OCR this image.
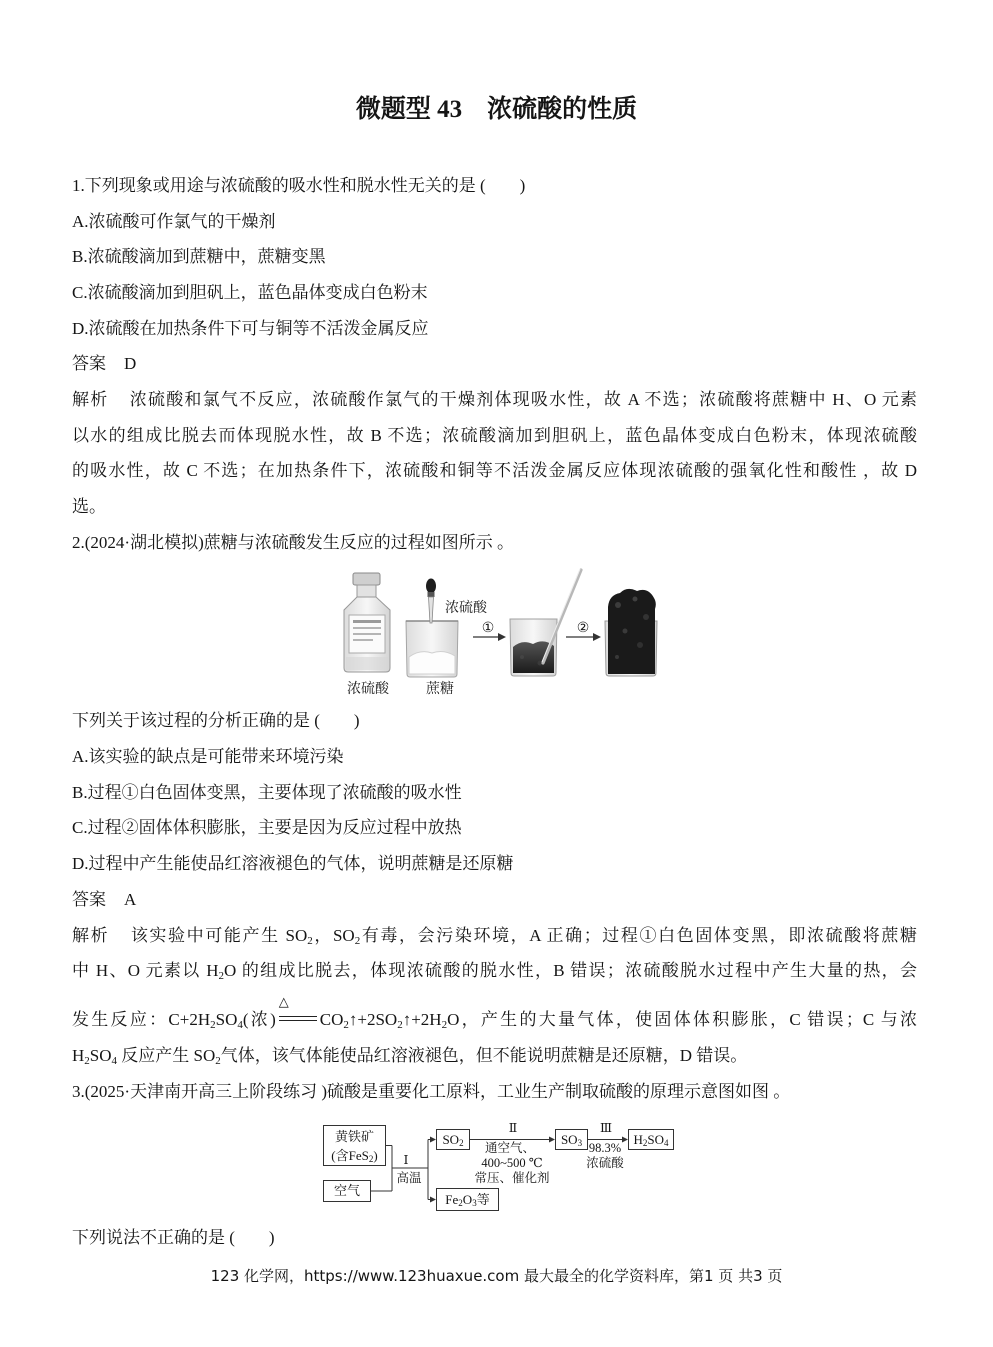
微题型 43　浓硫酸的性质
1.下列现象或用途与浓硫酸的吸水性和脱水性无关的是 (　　)
A.浓硫酸可作氯气的干燥剂
B.浓硫酸滴加到蔗糖中，蔗糖变黑
C.浓硫酸滴加到胆矾上，蓝色晶体变成白色粉末
D.浓硫酸在加热条件下可与铜等不活泼金属反应
答案 D
解析 浓硫酸和氯气不反应，浓硫酸作氯气的干燥剂体现吸水性，故 A 不选；浓硫酸将蔗糖中 H、O 元素
以水的组成比脱去而体现脱水性，故 B 不选；浓硫酸滴加到胆矾上，蓝色晶体变成白色粉末，体现浓硫酸
的吸水性，故 C 不选；在加热条件下，浓硫酸和铜等不活泼金属反应体现浓硫酸的强氧化性和酸性 ，故 D
选。
2.(2024·湖北模拟)蔗糖与浓硫酸发生反应的过程如图所示 。
浓硫酸	蔗糖
浓硫酸
①	②
下列关于该过程的分析正确的是 (　　)
A.该实验的缺点是可能带来环境污染
B.过程①白色固体变黑，主要体现了浓硫酸的吸水性
C.过程②固体体积膨胀，主要是因为反应过程中放热
D.过程中产生能使品红溶液褪色的气体，说明蔗糖是还原糖
答案 A
解析 该实验中可能产生 $SO_2$，$SO_2$有毒，会污染环境，A 正确；过程①白色固体变黑，即浓硫酸将蔗糖
中 H、O 元素以 $H_2O$ 的组成比脱去，体现浓硫酸的脱水性，B 错误；浓硫酸脱水过程中产生大量的热，会
发生反应：$C+2H_2SO_4$(浓)
△
$CO_2↑+2SO_2↑+2H_2O$，产生的大量气体，使固体体积膨胀，C 错误；C 与浓
$H_2SO_4$ 反应产生 $SO_2$气体，该气体能使品红溶液褪色，但不能说明蔗糖是还原糖，D 错误。
3.(2025·天津南开高三上阶段练习 )硫酸是重要化工原料，工业生产制取硫酸的原理示意图如图 。
黄铁矿
(含FeS$_2$)
空气
Ⅰ
高温
$SO_2$
$Fe_2O_3$等
Ⅱ
通空气、
400~500 ℃
常压、催化剂
$SO_3$
Ⅲ
98.3%
浓硫酸
$H_2SO_4$
下列说法不正确的是 (　　)
123 化学网，https://www.123huaxue.com 最大最全的化学资料库，第1 页 共3 页
